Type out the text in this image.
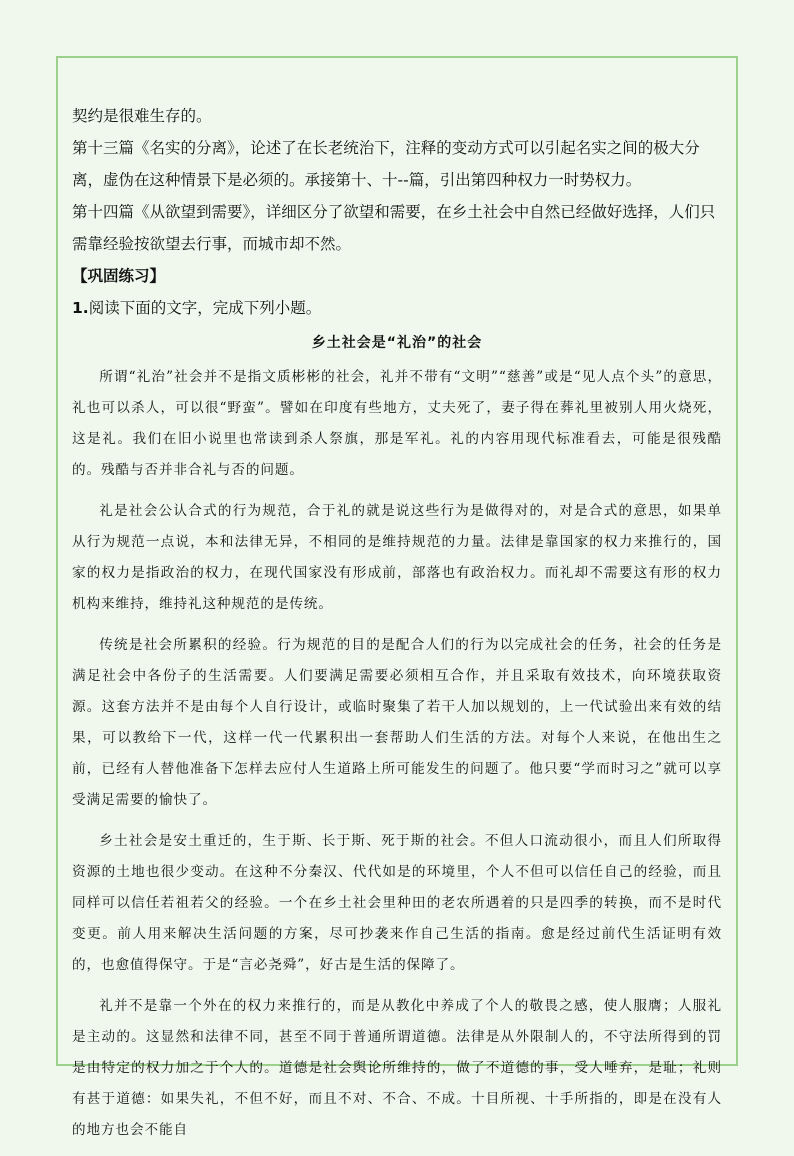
契约是很难生存的。

第十三篇《名实的分离》，论述了在长老统治下，注释的变动方式可以引起名实之间的极大分离，虚伪在这种情景下是必须的。承接第十、十--篇，引出第四种权力一时势权力。

第十四篇《从欲望到需要》，详细区分了欲望和需要，在乡土社会中自然已经做好选择，人们只需靠经验按欲望去行事，而城市却不然。

【巩固练习】
1.阅读下面的文字，完成下列小题。
乡土社会是“礼治”的社会

所谓“礼治”社会并不是指文质彬彬的社会，礼并不带有“文明”“慈善”或是“见人点个头”的意思，礼也可以杀人，可以很“野蛮”。譬如在印度有些地方，丈夫死了，妻子得在葬礼里被别人用火烧死，这是礼。我们在旧小说里也常读到杀人祭旗，那是军礼。礼的内容用现代标准看去，可能是很残酷的。残酷与否并非合礼与否的问题。

礼是社会公认合式的行为规范，合于礼的就是说这些行为是做得对的，对是合式的意思，如果单从行为规范一点说，本和法律无异，不相同的是维持规范的力量。法律是靠国家的权力来推行的，国家的权力是指政治的权力，在现代国家没有形成前，部落也有政治权力。而礼却不需要这有形的权力机构来维持，维持礼这种规范的是传统。

传统是社会所累积的经验。行为规范的目的是配合人们的行为以完成社会的任务，社会的任务是满足社会中各份子的生活需要。人们要满足需要必须相互合作，并且采取有效技术，向环境获取资源。这套方法并不是由每个人自行设计，或临时聚集了若干人加以规划的，上一代试验出来有效的结果，可以教给下一代，这样一代一代累积出一套帮助人们生活的方法。对每个人来说，在他出生之前，已经有人替他准备下怎样去应付人生道路上所可能发生的问题了。他只要“学而时习之”就可以享受满足需要的愉快了。

乡土社会是安土重迁的，生于斯、长于斯、死于斯的社会。不但人口流动很小，而且人们所取得资源的土地也很少变动。在这种不分秦汉、代代如是的环境里，个人不但可以信任自己的经验，而且同样可以信任若祖若父的经验。一个在乡土社会里种田的老农所遇着的只是四季的转换，而不是时代变更。前人用来解决生活问题的方案，尽可抄袭来作自己生活的指南。愈是经过前代生活证明有效的，也愈值得保守。于是“言必尧舜”，好古是生活的保障了。

礼并不是靠一个外在的权力来推行的，而是从教化中养成了个人的敬畏之感，使人服膺；人服礼是主动的。这显然和法律不同，甚至不同于普通所谓道德。法律是从外限制人的，不守法所得到的罚是由特定的权力加之于个人的。道德是社会舆论所维持的，做了不道德的事，受人唾弃，是耻；礼则有甚于道德：如果失礼，不但不好，而且不对、不合、不成。十目所视、十手所指的，即是在没有人的地方也会不能自
